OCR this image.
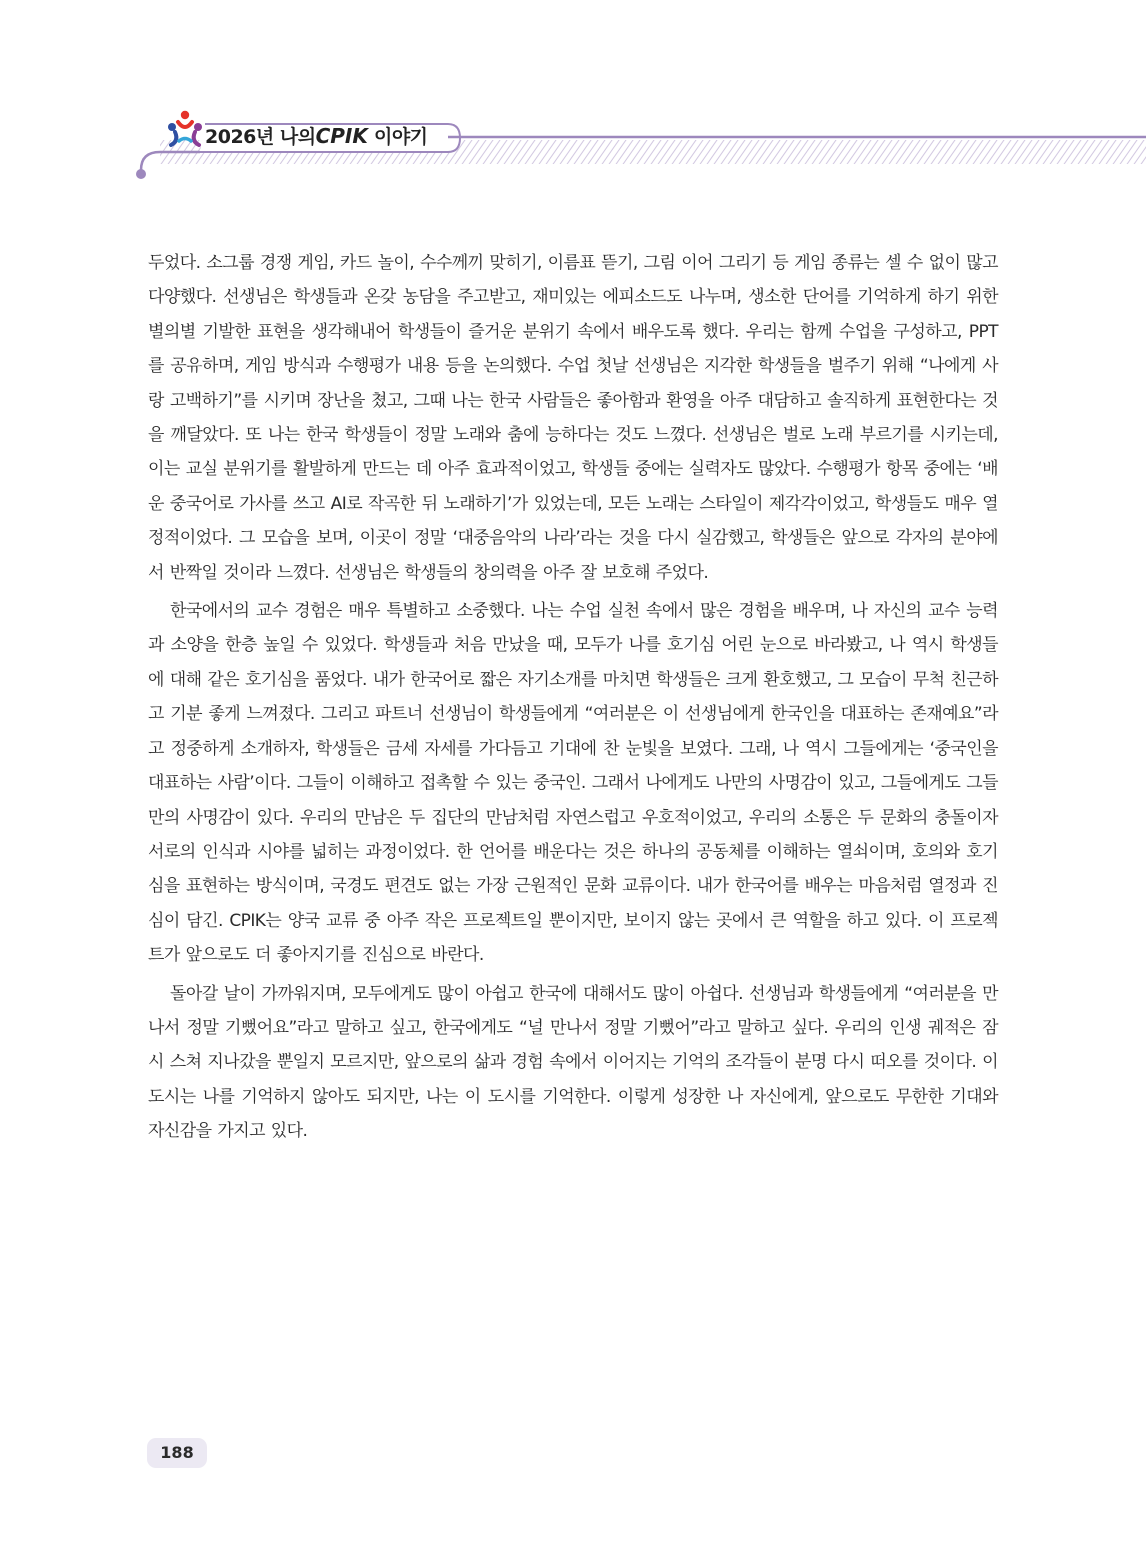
2026년 나의CPIK 이야기

두었다. 소그룹 경쟁 게임, 카드 놀이, 수수께끼 맞히기, 이름표 뜯기, 그림 이어 그리기 등 게임 종류는 셀 수 없이 많고 다양했다. 선생님은 학생들과 온갖 농담을 주고받고, 재미있는 에피소드도 나누며, 생소한 단어를 기억하게 하기 위한 별의별 기발한 표현을 생각해내어 학생들이 즐거운 분위기 속에서 배우도록 했다. 우리는 함께 수업을 구성하고, PPT를 공유하며, 게임 방식과 수행평가 내용 등을 논의했다. 수업 첫날 선생님은 지각한 학생들을 벌주기 위해 “나에게 사랑 고백하기”를 시키며 장난을 쳤고, 그때 나는 한국 사람들은 좋아함과 환영을 아주 대담하고 솔직하게 표현한다는 것을 깨달았다. 또 나는 한국 학생들이 정말 노래와 춤에 능하다는 것도 느꼈다. 선생님은 벌로 노래 부르기를 시키는데, 이는 교실 분위기를 활발하게 만드는 데 아주 효과적이었고, 학생들 중에는 실력자도 많았다. 수행평가 항목 중에는 ‘배운 중국어로 가사를 쓰고 AI로 작곡한 뒤 노래하기’가 있었는데, 모든 노래는 스타일이 제각각이었고, 학생들도 매우 열정적이었다. 그 모습을 보며, 이곳이 정말 ‘대중음악의 나라’라는 것을 다시 실감했고, 학생들은 앞으로 각자의 분야에서 반짝일 것이라 느꼈다. 선생님은 학생들의 창의력을 아주 잘 보호해 주었다.

한국에서의 교수 경험은 매우 특별하고 소중했다. 나는 수업 실천 속에서 많은 경험을 배우며, 나 자신의 교수 능력과 소양을 한층 높일 수 있었다. 학생들과 처음 만났을 때, 모두가 나를 호기심 어린 눈으로 바라봤고, 나 역시 학생들에 대해 같은 호기심을 품었다. 내가 한국어로 짧은 자기소개를 마치면 학생들은 크게 환호했고, 그 모습이 무척 친근하고 기분 좋게 느껴졌다. 그리고 파트너 선생님이 학생들에게 “여러분은 이 선생님에게 한국인을 대표하는 존재예요”라고 정중하게 소개하자, 학생들은 금세 자세를 가다듬고 기대에 찬 눈빛을 보였다. 그래, 나 역시 그들에게는 ‘중국인을 대표하는 사람’이다. 그들이 이해하고 접촉할 수 있는 중국인. 그래서 나에게도 나만의 사명감이 있고, 그들에게도 그들만의 사명감이 있다. 우리의 만남은 두 집단의 만남처럼 자연스럽고 우호적이었고, 우리의 소통은 두 문화의 충돌이자 서로의 인식과 시야를 넓히는 과정이었다. 한 언어를 배운다는 것은 하나의 공동체를 이해하는 열쇠이며, 호의와 호기심을 표현하는 방식이며, 국경도 편견도 없는 가장 근원적인 문화 교류이다. 내가 한국어를 배우는 마음처럼 열정과 진심이 담긴. CPIK는 양국 교류 중 아주 작은 프로젝트일 뿐이지만, 보이지 않는 곳에서 큰 역할을 하고 있다. 이 프로젝트가 앞으로도 더 좋아지기를 진심으로 바란다.

돌아갈 날이 가까워지며, 모두에게도 많이 아쉽고 한국에 대해서도 많이 아쉽다. 선생님과 학생들에게 “여러분을 만나서 정말 기뻤어요”라고 말하고 싶고, 한국에게도 “널 만나서 정말 기뻤어”라고 말하고 싶다. 우리의 인생 궤적은 잠시 스쳐 지나갔을 뿐일지 모르지만, 앞으로의 삶과 경험 속에서 이어지는 기억의 조각들이 분명 다시 떠오를 것이다. 이 도시는 나를 기억하지 않아도 되지만, 나는 이 도시를 기억한다. 이렇게 성장한 나 자신에게, 앞으로도 무한한 기대와 자신감을 가지고 있다.

188
